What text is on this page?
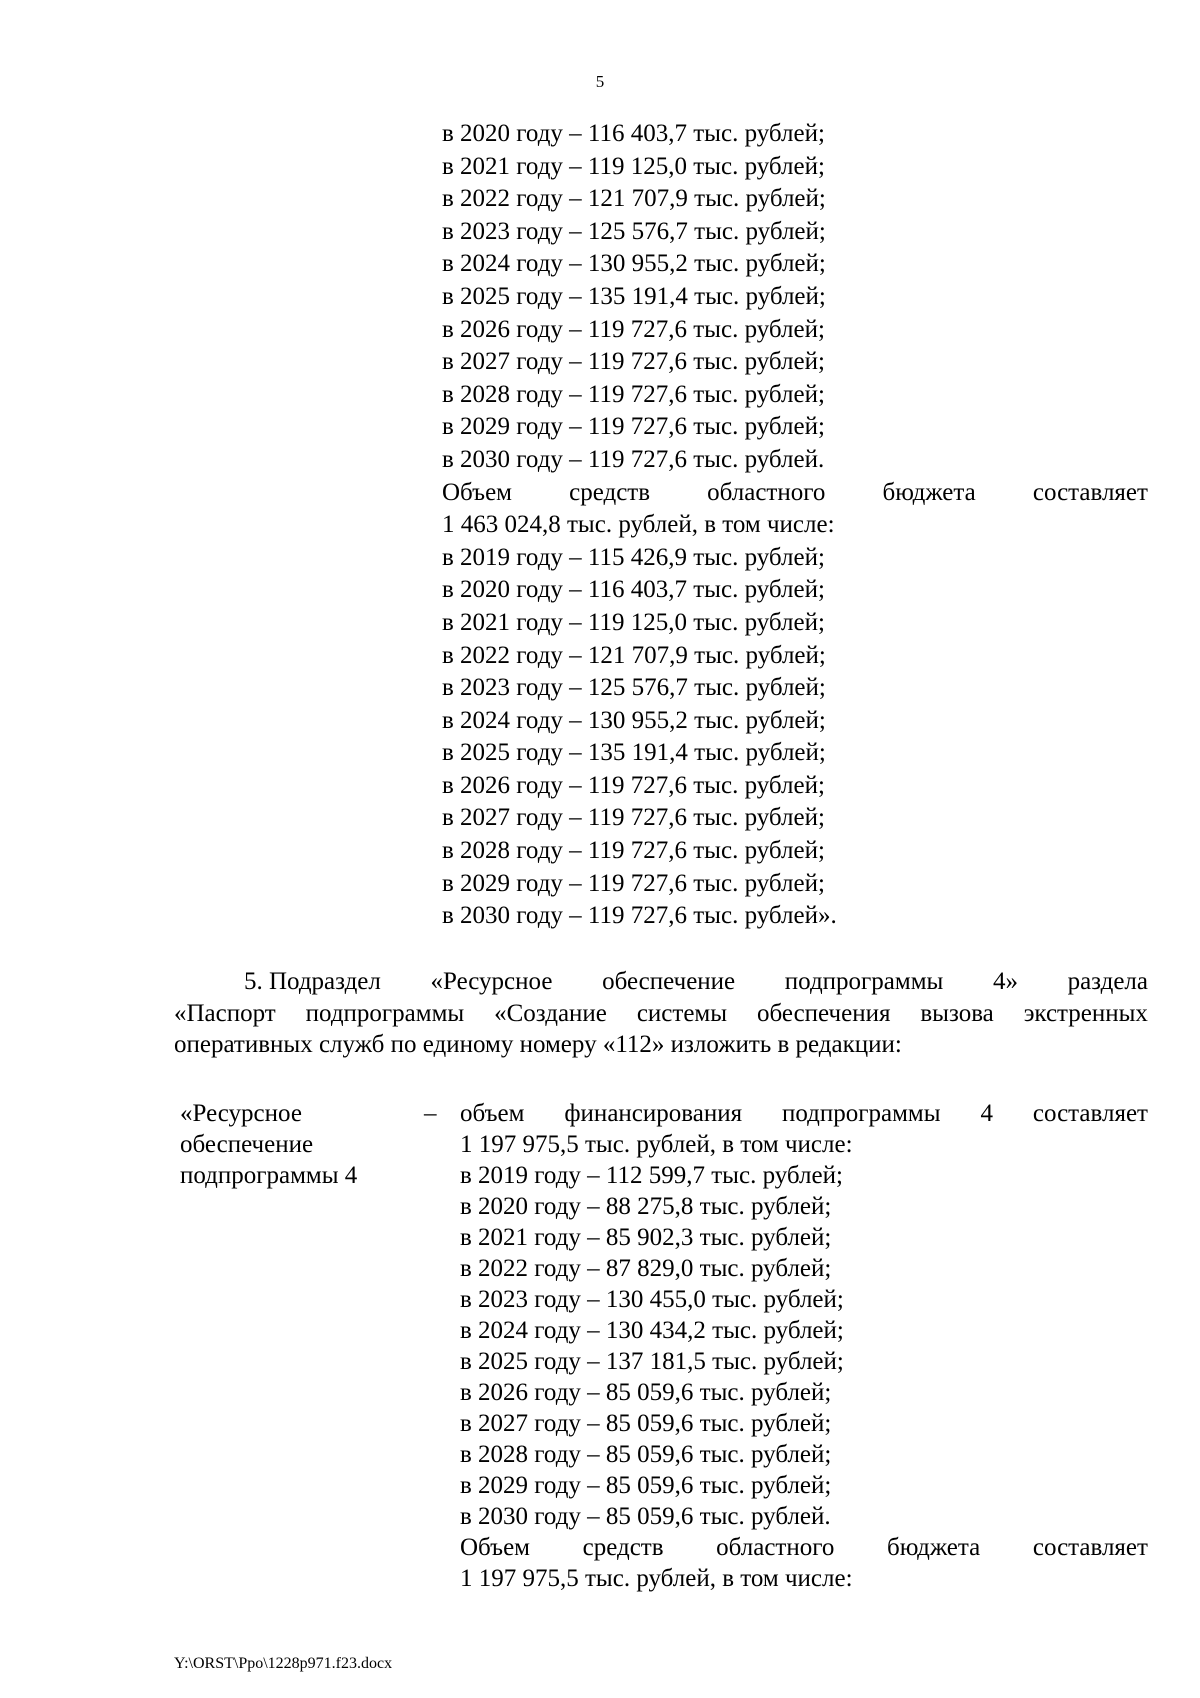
5
в 2020 году – 116 403,7 тыс. рублей;
в 2021 году – 119 125,0 тыс. рублей;
в 2022 году – 121 707,9 тыс. рублей;
в 2023 году – 125 576,7 тыс. рублей;
в 2024 году – 130 955,2 тыс. рублей;
в 2025 году – 135 191,4 тыс. рублей;
в 2026 году – 119 727,6 тыс. рублей;
в 2027 году – 119 727,6 тыс. рублей;
в 2028 году – 119 727,6 тыс. рублей;
в 2029 году – 119 727,6 тыс. рублей;
в 2030 году – 119 727,6 тыс. рублей.
Объем средств областного бюджета составляет
1 463 024,8 тыс. рублей, в том числе:
в 2019 году – 115 426,9 тыс. рублей;
в 2020 году – 116 403,7 тыс. рублей;
в 2021 году – 119 125,0 тыс. рублей;
в 2022 году – 121 707,9 тыс. рублей;
в 2023 году – 125 576,7 тыс. рублей;
в 2024 году – 130 955,2 тыс. рублей;
в 2025 году – 135 191,4 тыс. рублей;
в 2026 году – 119 727,6 тыс. рублей;
в 2027 году – 119 727,6 тыс. рублей;
в 2028 году – 119 727,6 тыс. рублей;
в 2029 году – 119 727,6 тыс. рублей;
в 2030 году – 119 727,6 тыс. рублей».
5. Подраздел «Ресурсное обеспечение подпрограммы 4» раздела
«Паспорт подпрограммы «Создание системы обеспечения вызова экстренных
оперативных служб по единому номеру «112» изложить в редакции:
«Ресурсное
обеспечение
подпрограммы 4
– объем финансирования подпрограммы 4 составляет
1 197 975,5 тыс. рублей, в том числе:
в 2019 году – 112 599,7 тыс. рублей;
в 2020 году – 88 275,8 тыс. рублей;
в 2021 году – 85 902,3 тыс. рублей;
в 2022 году – 87 829,0 тыс. рублей;
в 2023 году – 130 455,0 тыс. рублей;
в 2024 году – 130 434,2 тыс. рублей;
в 2025 году – 137 181,5 тыс. рублей;
в 2026 году – 85 059,6 тыс. рублей;
в 2027 году – 85 059,6 тыс. рублей;
в 2028 году – 85 059,6 тыс. рублей;
в 2029 году – 85 059,6 тыс. рублей;
в 2030 году – 85 059,6 тыс. рублей.
Объем средств областного бюджета составляет
1 197 975,5 тыс. рублей, в том числе:
Y:\ORST\Ppo\1228p971.f23.docx
